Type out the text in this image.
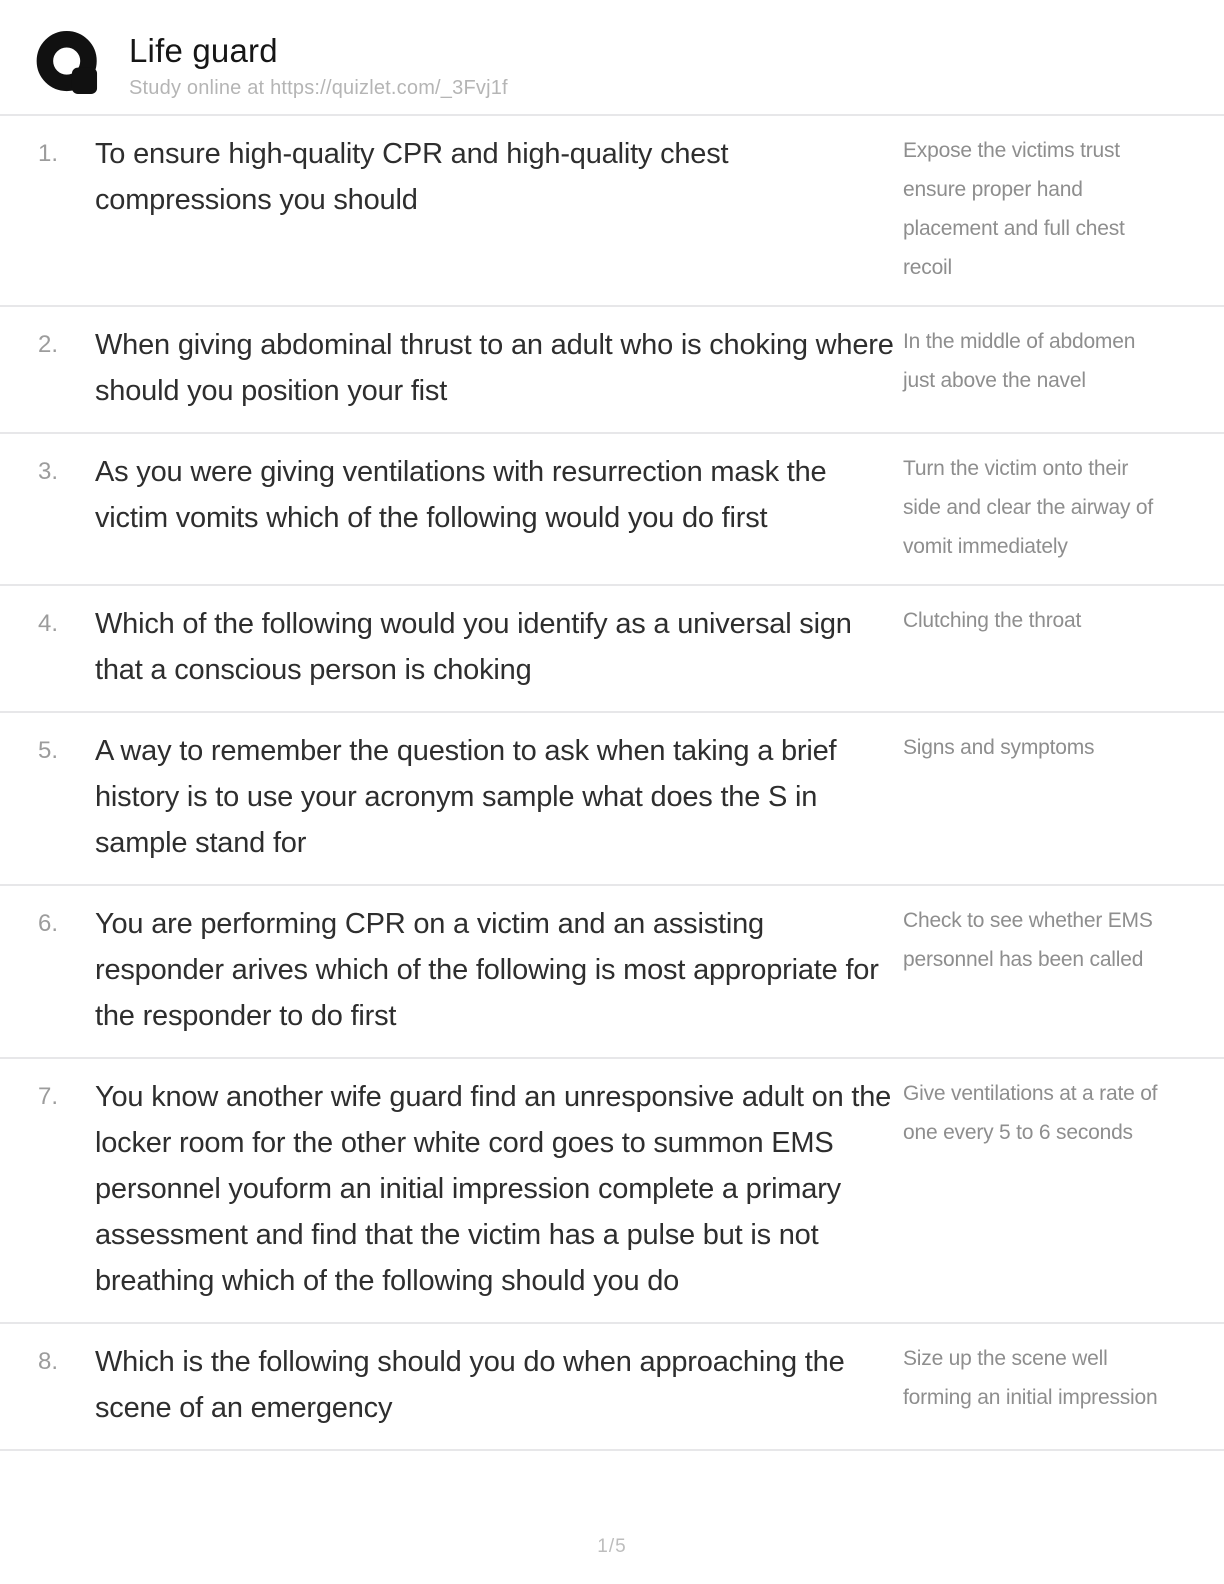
Life guard
Study online at https://quizlet.com/_3Fvj1f
1.	To ensure high-quality CPR and high-quality chest compressions you should
Expose the victims trust ensure proper hand placement and full chest recoil
2.	When giving abdominal thrust to an adult who is choking where should you position your fist
In the middle of abdomen just above the navel
3.	As you were giving ventilations with resurrection mask the victim vomits which of the following would you do first
Turn the victim onto their side and clear the airway of vomit immediately
4.	Which of the following would you identify as a universal sign that a conscious person is choking
Clutching the throat
5.	A way to remember the question to ask when taking a brief history is to use your acronym sample what does the S in sample stand for
Signs and symptoms
6.	You are performing CPR on a victim and an assisting responder arives which of the following is most appropriate for the responder to do first
Check to see whether EMS personnel has been called
7.	You know another wife guard find an unresponsive adult on the locker room for the other white cord goes to summon EMS personnel youform an initial impression complete a primary assessment and find that the victim has a pulse but is not breathing which of the following should you do
Give ventilations at a rate of one every 5 to 6 seconds
8.	Which is the following should you do when approaching the scene of an emergency
Size up the scene well forming an initial impression
1/5
